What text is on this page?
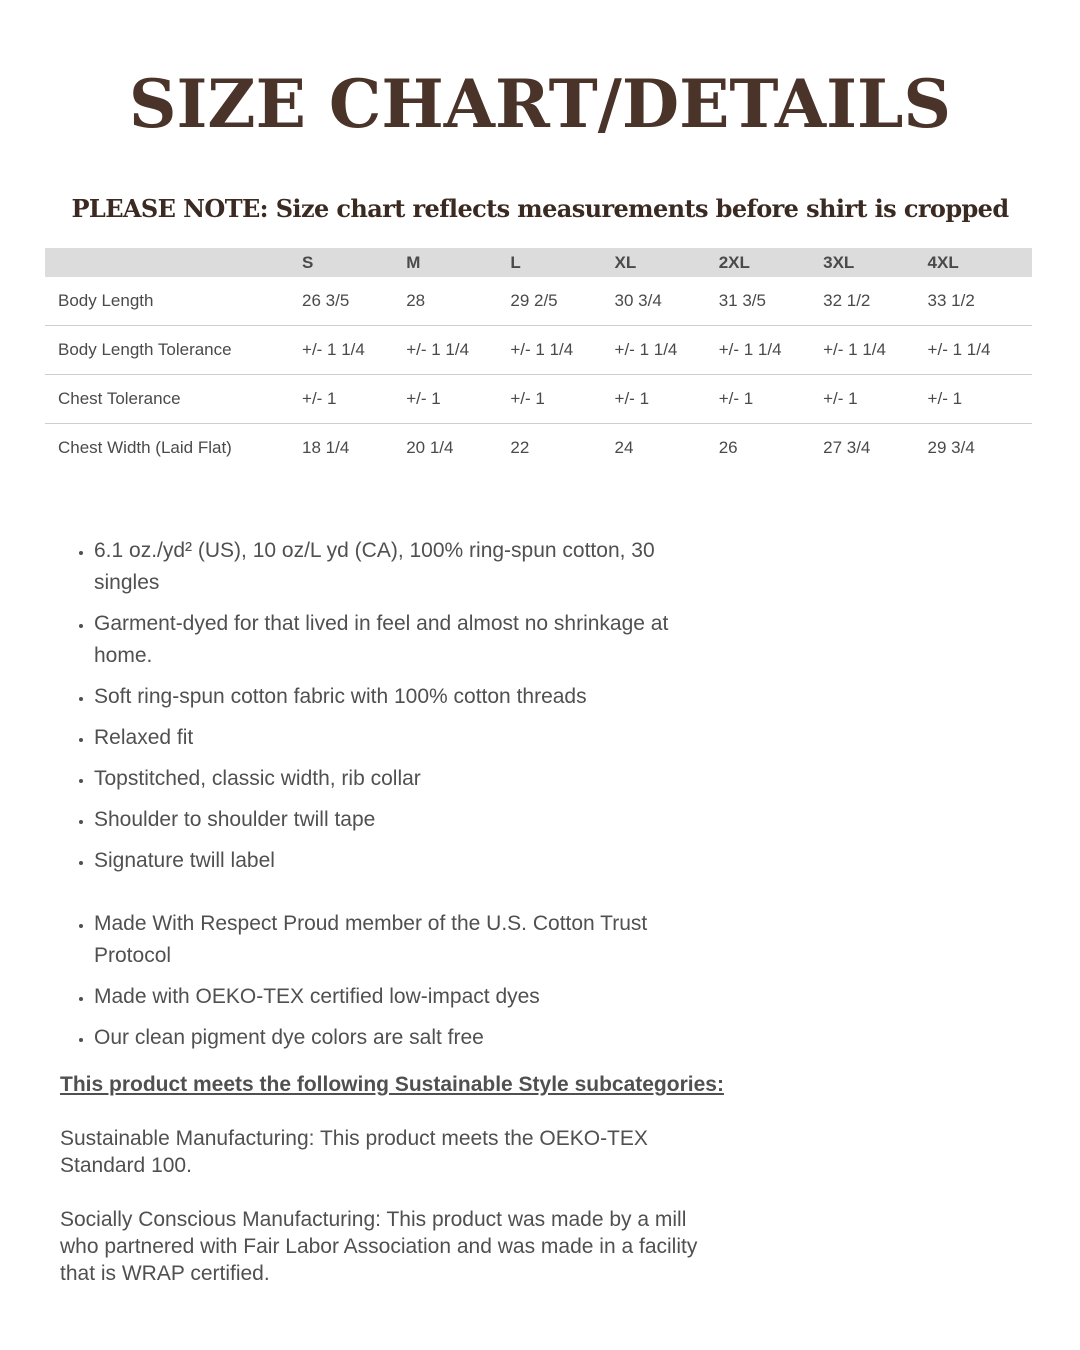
SIZE CHART/DETAILS

PLEASE NOTE: Size chart reflects measurements before shirt is cropped

	S	M	L	XL	2XL	3XL	4XL
Body Length	26 3/5	28	29 2/5	30 3/4	31 3/5	32 1/2	33 1/2
Body Length Tolerance	+/- 1 1/4	+/- 1 1/4	+/- 1 1/4	+/- 1 1/4	+/- 1 1/4	+/- 1 1/4	+/- 1 1/4
Chest Tolerance	+/- 1	+/- 1	+/- 1	+/- 1	+/- 1	+/- 1	+/- 1
Chest Width (Laid Flat)	18 1/4	20 1/4	22	24	26	27 3/4	29 3/4
• 6.1 oz./yd² (US), 10 oz/L yd (CA), 100% ring-spun cotton, 30 singles
• Garment-dyed for that lived in feel and almost no shrinkage at home.
• Soft ring-spun cotton fabric with 100% cotton threads
• Relaxed fit
• Topstitched, classic width, rib collar
• Shoulder to shoulder twill tape
• Signature twill label
• Made With Respect Proud member of the U.S. Cotton Trust Protocol
• Made with OEKO-TEX certified low-impact dyes
• Our clean pigment dye colors are salt free

This product meets the following Sustainable Style subcategories:

Sustainable Manufacturing: This product meets the OEKO-TEX Standard 100.

Socially Conscious Manufacturing: This product was made by a mill who partnered with Fair Labor Association and was made in a facility that is WRAP certified.
